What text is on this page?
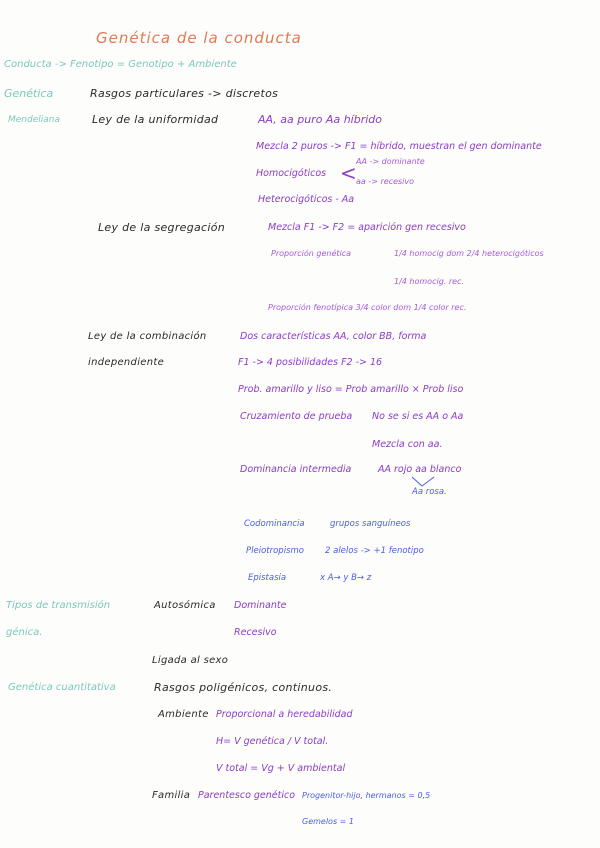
Genética de la conducta
Conducta -> Fenotipo = Genotipo + Ambiente
Genética	Rasgos particulares -> discretos
Mendeliana	Ley de la uniformidad	AA, aa puro Aa híbrido
Mezcla 2 puros -> F1 = híbrido, muestran el gen dominante
Homocigóticos < AA -> dominante
aa -> recesivo
Heterocigóticos - Aa
Ley de la segregación	Mezcla F1 -> F2 = aparición gen recesivo
Proporción genética	1/4 homocig dom 2/4 heterocigóticos
1/4 homocig. rec.
Proporción fenotípica 3/4 color dom 1/4 color rec.
Ley de la combinación
independiente
Dos características AA, color BB, forma
F1 -> 4 posibilidades F2 -> 16
Prob. amarillo y liso = Prob amarillo × Prob liso
Cruzamiento de prueba No se si es AA o Aa
Mezcla con aa.
Dominancia intermedia	AA rojo aa blanco
Aa rosa.
Codominancia	grupos sanguíneos
Pleiotropismo 2 alelos -> +1 fenotipo
Epistasia	x A→ y B→ z
Tipos de transmisión
génica.
Autosómica Dominante
Recesivo
Ligada al sexo
Genética cuantitativa	Rasgos poligénicos, continuos.
Ambiente Proporcional a heredabilidad
H= V genética / V total.
V total = Vg + V ambiental
Familia Parentesco genético Progenitor-hijo, hermanos = 0,5
Gemelos = 1
